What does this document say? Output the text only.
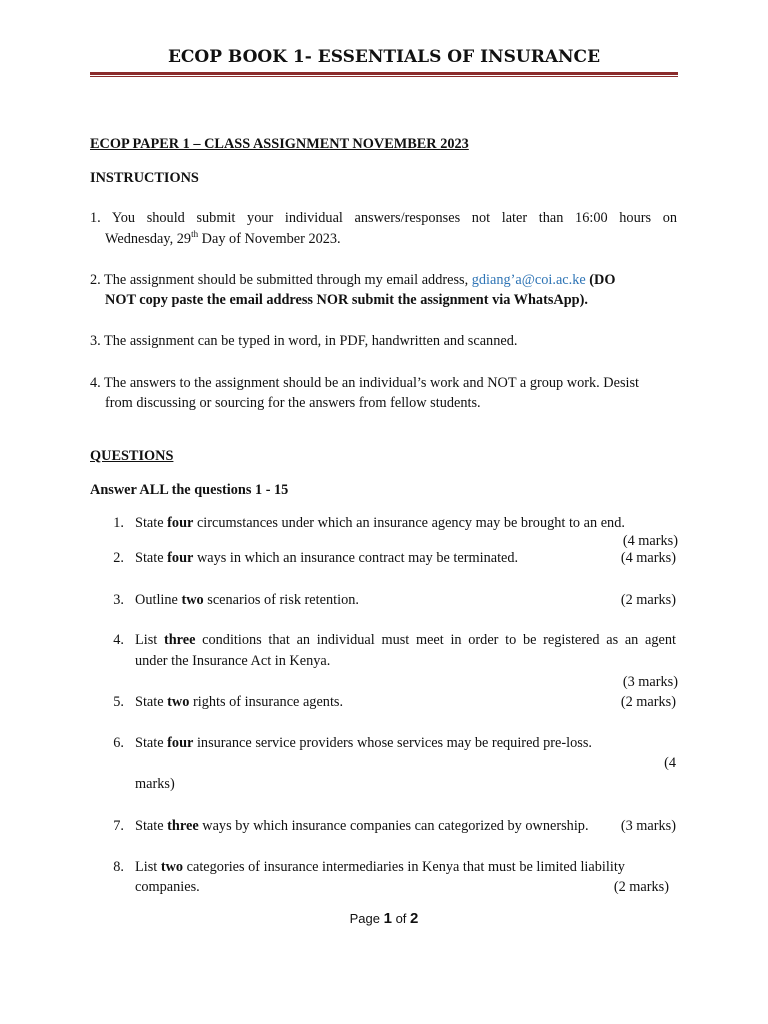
ECOP BOOK 1- ESSENTIALS OF INSURANCE
ECOP PAPER 1 – CLASS ASSIGNMENT NOVEMBER 2023
INSTRUCTIONS
1. You should submit your individual answers/responses not later than 16:00 hours on
Wednesday, 29th Day of November 2023.
2. The assignment should be submitted through my email address, gdiang’a@coi.ac.ke (DO
NOT copy paste the email address NOR submit the assignment via WhatsApp).
3. The assignment can be typed in word, in PDF, handwritten and scanned.
4. The answers to the assignment should be an individual’s work and NOT a group work. Desist
from discussing or sourcing for the answers from fellow students.
QUESTIONS
Answer ALL the questions 1 - 15
1. State four circumstances under which an insurance agency may be brought to an end.
(4 marks)
2. State four ways in which an insurance contract may be terminated.	(4 marks)
3. Outline two scenarios of risk retention.	(2 marks)
4. List three conditions that an individual must meet in order to be registered as an agent
under the Insurance Act in Kenya.
(3 marks)
5. State two rights of insurance agents.	(2 marks)
6. State four insurance service providers whose services may be required pre-loss.
(4
marks)
7. State three ways by which insurance companies can categorized by ownership. (3 marks)
8. List two categories of insurance intermediaries in Kenya that must be limited liability
companies.	(2 marks)
Page 1 of 2
